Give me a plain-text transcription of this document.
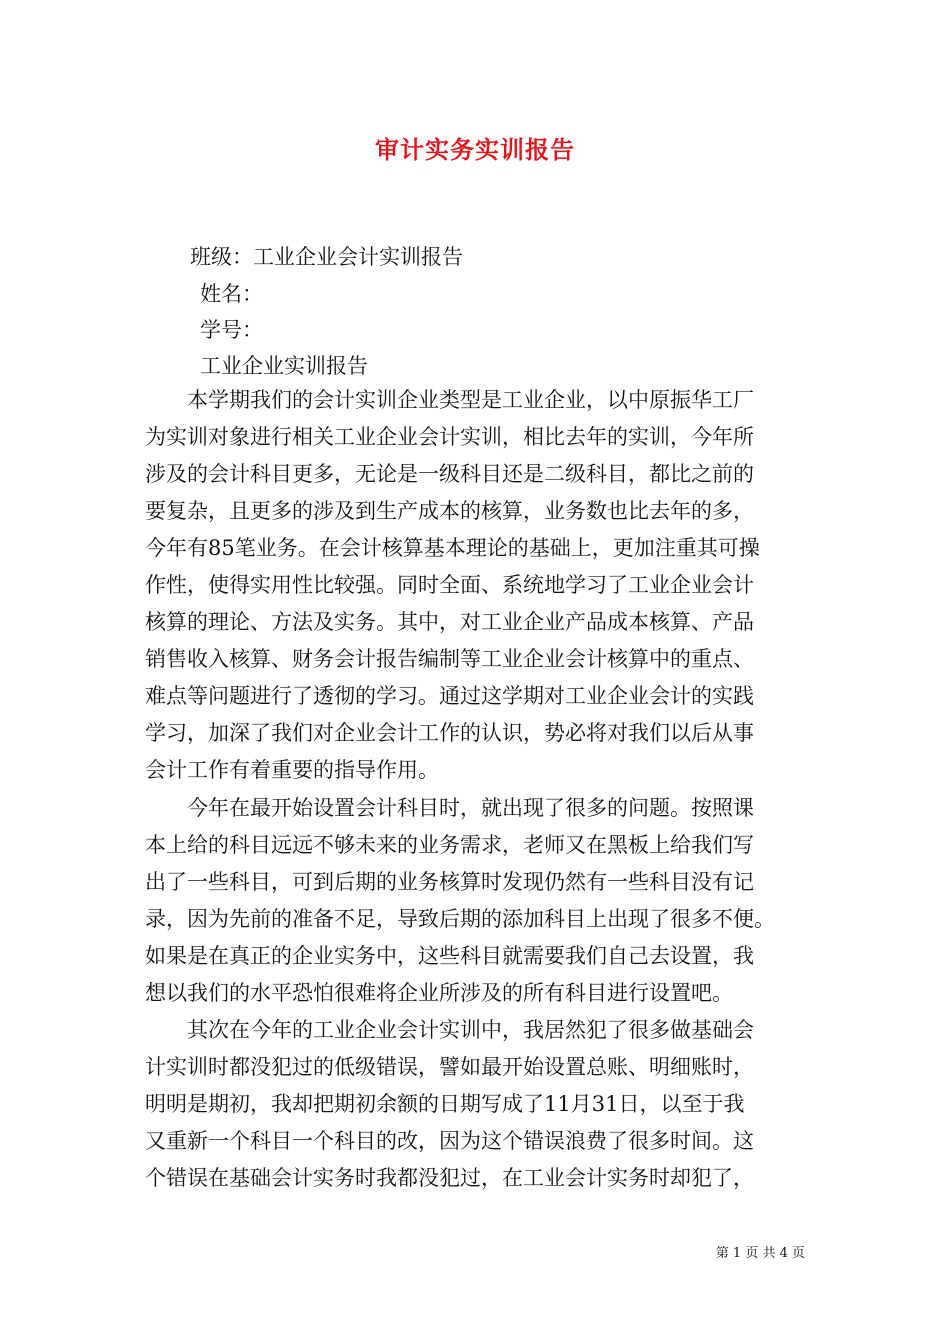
审计实务实训报告
班级：工业企业会计实训报告
姓名：
学号：
工业企业实训报告
　　本学期我们的会计实训企业类型是工业企业，以中原振华工厂
为实训对象进行相关工业企业会计实训，相比去年的实训，今年所
涉及的会计科目更多，无论是一级科目还是二级科目，都比之前的
要复杂，且更多的涉及到生产成本的核算，业务数也比去年的多，
今年有85笔业务。在会计核算基本理论的基础上，更加注重其可操
作性，使得实用性比较强。同时全面、系统地学习了工业企业会计
核算的理论、方法及实务。其中，对工业企业产品成本核算、产品
销售收入核算、财务会计报告编制等工业企业会计核算中的重点、
难点等问题进行了透彻的学习。通过这学期对工业企业会计的实践
学习，加深了我们对企业会计工作的认识，势必将对我们以后从事
会计工作有着重要的指导作用。
　　今年在最开始设置会计科目时，就出现了很多的问题。按照课
本上给的科目远远不够未来的业务需求，老师又在黑板上给我们写
出了一些科目，可到后期的业务核算时发现仍然有一些科目没有记
录，因为先前的准备不足，导致后期的添加科目上出现了很多不便。
如果是在真正的企业实务中，这些科目就需要我们自己去设置，我
想以我们的水平恐怕很难将企业所涉及的所有科目进行设置吧。
　　其次在今年的工业企业会计实训中，我居然犯了很多做基础会
计实训时都没犯过的低级错误，譬如最开始设置总账、明细账时，
明明是期初，我却把期初余额的日期写成了11月31日，以至于我
又重新一个科目一个科目的改，因为这个错误浪费了很多时间。这
个错误在基础会计实务时我都没犯过，在工业会计实务时却犯了，
第 1 页 共 4 页
